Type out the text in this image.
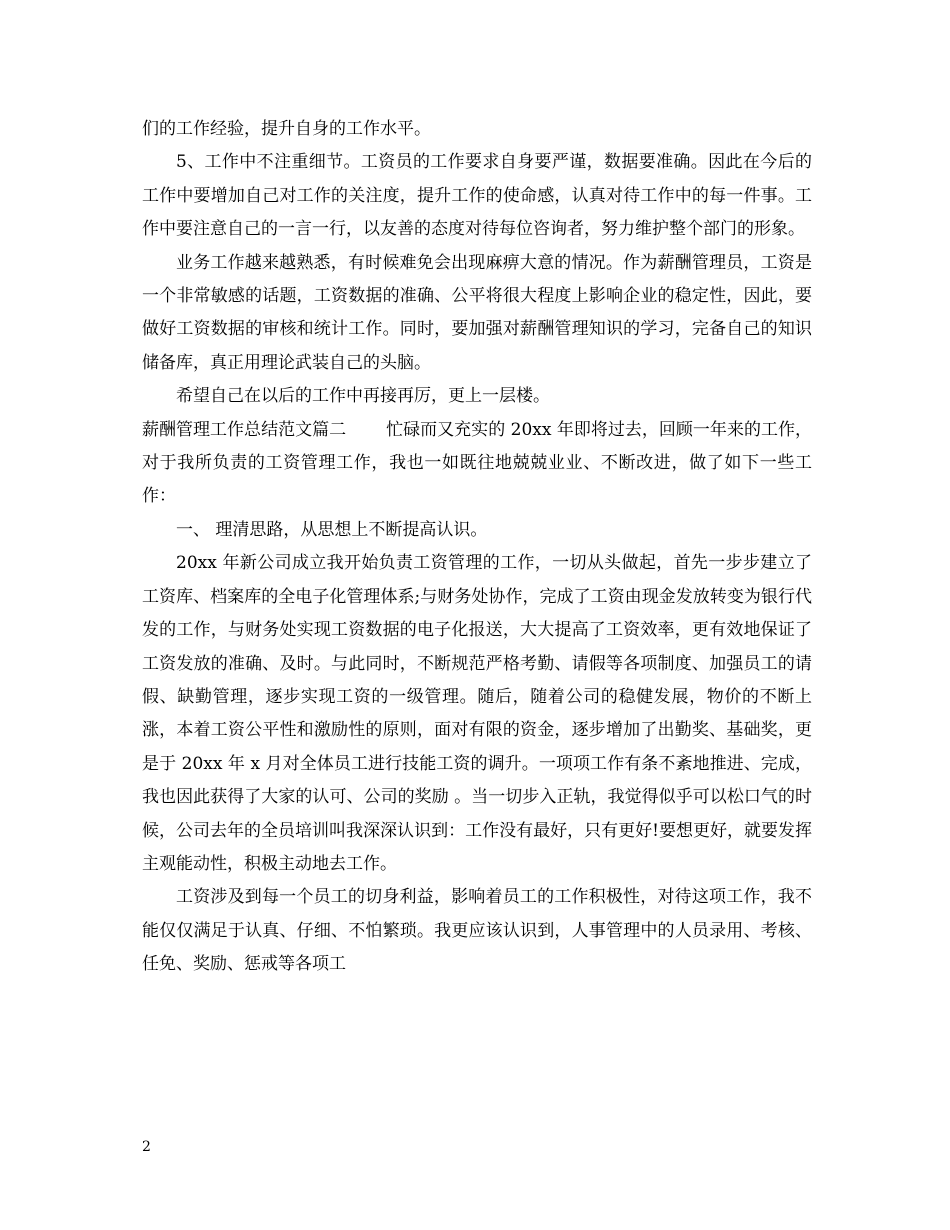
们的工作经验，提升自身的工作水平。

5、工作中不注重细节。工资员的工作要求自身要严谨，数据要准确。因此在今后的工作中要增加自己对工作的关注度，提升工作的使命感，认真对待工作中的每一件事。工作中要注意自己的一言一行，以友善的态度对待每位咨询者，努力维护整个部门的形象。

业务工作越来越熟悉，有时候难免会出现麻痹大意的情况。作为薪酬管理员，工资是一个非常敏感的话题，工资数据的准确、公平将很大程度上影响企业的稳定性，因此，要做好工资数据的审核和统计工作。同时，要加强对薪酬管理知识的学习，完备自己的知识储备库，真正用理论武装自己的头脑。

希望自己在以后的工作中再接再厉，更上一层楼。

薪酬管理工作总结范文篇二 忙碌而又充实的 20xx 年即将过去，回顾一年来的工作，对于我所负责的工资管理工作，我也一如既往地兢兢业业、不断改进，做了如下一些工作：

一、 理清思路，从思想上不断提高认识。

20xx 年新公司成立我开始负责工资管理的工作，一切从头做起，首先一步步建立了工资库、档案库的全电子化管理体系;与财务处协作，完成了工资由现金发放转变为银行代发的工作，与财务处实现工资数据的电子化报送，大大提高了工资效率，更有效地保证了工资发放的准确、及时。与此同时，不断规范严格考勤、请假等各项制度、加强员工的请假、缺勤管理，逐步实现工资的一级管理。随后，随着公司的稳健发展，物价的不断上涨，本着工资公平性和激励性的原则，面对有限的资金，逐步增加了出勤奖、基础奖，更是于 20xx 年 x 月对全体员工进行技能工资的调升。一项项工作有条不紊地推进、完成，我也因此获得了大家的认可、公司的奖励 。当一切步入正轨，我觉得似乎可以松口气的时候，公司去年的全员培训叫我深深认识到：工作没有最好，只有更好!要想更好，就要发挥主观能动性，积极主动地去工作。

工资涉及到每一个员工的切身利益，影响着员工的工作积极性，对待这项工作，我不能仅仅满足于认真、仔细、不怕繁琐。我更应该认识到，人事管理中的人员录用、考核、任免、奖励、惩戒等各项工

2
